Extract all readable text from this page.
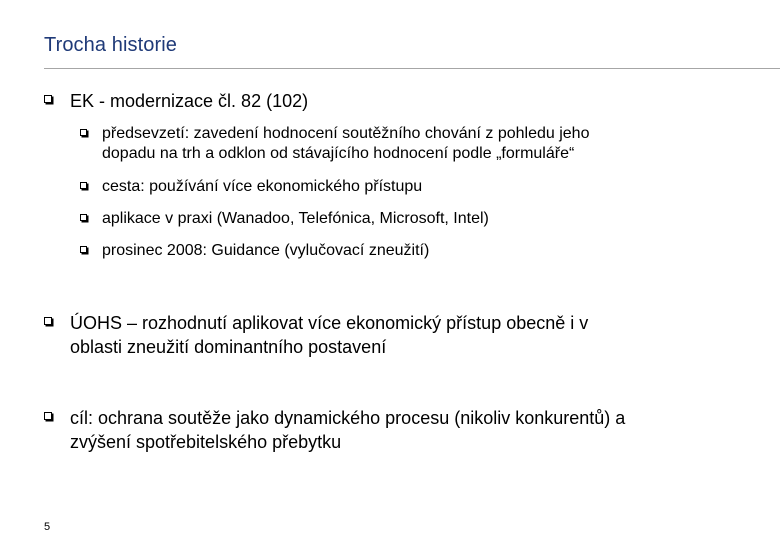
Trocha historie
EK - modernizace čl. 82 (102)
předsevzetí: zavedení hodnocení soutěžního chování z pohledu jeho
dopadu na trh a odklon od stávajícího hodnocení podle „formuláře“
cesta: používání více ekonomického přístupu
aplikace v praxi (Wanadoo, Telefónica, Microsoft, Intel)
prosinec 2008: Guidance (vylučovací zneužití)
ÚOHS – rozhodnutí aplikovat více ekonomický přístup obecně i v
oblasti zneužití dominantního postavení
cíl: ochrana soutěže jako dynamického procesu (nikoliv konkurentů) a
zvýšení spotřebitelského přebytku
5
